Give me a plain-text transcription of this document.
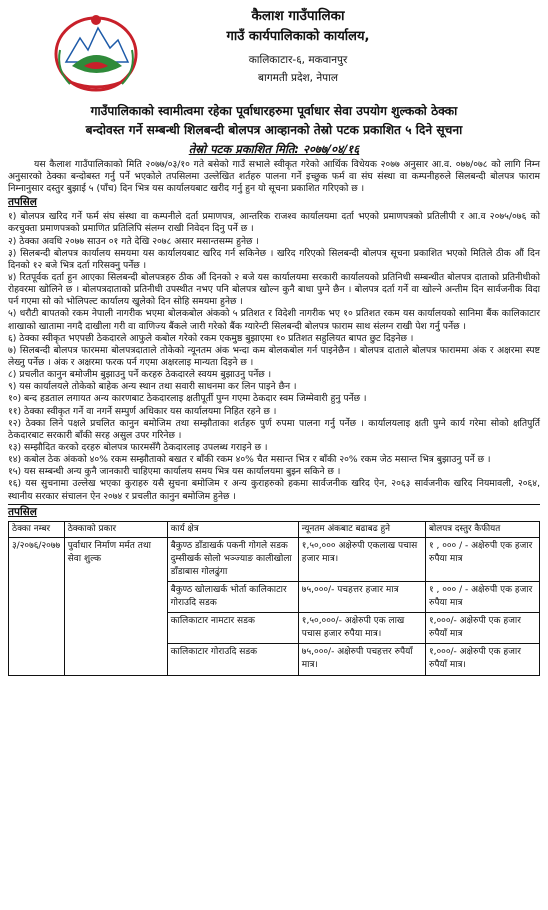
कैलाश गाउँपालिका
गाउँ कार्यपालिकाको कार्यालय,
कालिकाटार-६, मकवानपुर
बागमती प्रदेश, नेपाल
गाउँपालिकाको स्वामीत्वमा रहेका पूर्वाधारहरुमा पूर्वाधार सेवा उपयोग शुल्कको ठेक्का
बन्दोवस्त गर्ने सम्बन्धी शिलबन्दी बोलपत्र आव्हानको तेस्रो पटक प्रकाशित ५ दिने सूचना
तेस्रो पटक प्रकाशित मिति: २०७७/०४/१६

यस कैलाश गाउँपालिकाको मिति २०७७/०३/१० गते बसेको गाउँ सभाले स्वीकृत गरेको आर्थिक विधेयक २०७७ अनुसार आ.व. ०७७/०७८ को लागि निम्न अनुसारको ठेक्का बन्दोबस्त गर्नु पर्ने भएकोले तपसिलमा उल्लेखित शर्तहरु पालना गर्ने इच्छुक फर्म वा संघ संस्था वा कम्पनीहरुले सिलबन्दी बोलपत्र फाराम निम्नानुसार दस्तुर बुझाई ५ (पाँच) दिन भित्र यस कार्यालयबाट खरीद गर्नु हुन यो सूचना प्रकाशित गरिएको छ ।

तपसिल
१) बोलपत्र खरिद गर्ने फर्म संघ संस्था वा कम्पनीले दर्ता प्रमाणपत्र, आन्तरिक राजश्व कार्यालयमा दर्ता भएको प्रमाणपत्रको प्रतिलीपी र आ.व २०७५/०७६ को करचुक्ता प्रमाणपत्रको प्रमाणित प्रतिलिपि संलग्न राखी निवेदन दिनु पर्ने छ ।
२) ठेक्का अवधि २०७७ साउन ०१ गते देखि २०७८ असार मसान्तसम्म हुनेछ ।
३) सिलबन्दी बोलपत्र कार्यालय समयमा यस कार्यालयबाट खरिद गर्न सकिनेछ । खरिद गरिएको सिलबन्दी बोलपत्र सूचना प्रकाशित भएको मितिले ठीक औं दिन दिनको १२ बजे भित्र दर्ता गरिसक्नु पर्नेछ ।
४) रितपूर्वक दर्ता हुन आएका सिलबन्दी बोलपत्रहरु ठीक औं दिनको २ बजे यस कार्यालयमा सरकारी कार्यालयको प्रतिनिधी सम्बन्धीत बोलपत्र दाताको प्रतिनीधीको रोहवरमा खोलिने छ । बोलपत्रदाताको प्रतिनीधी उपस्थीत नभए पनि बोलपत्र खोल्न कुनै बाधा पुग्ने छैन । बोलपत्र दर्ता गर्ने वा खोल्ने अन्तीम दिन सार्वजनीक विदा पर्न गएमा सो को भोलिपल्ट कार्यालय खुलेको दिन सोहि समयमा हुनेछ ।
५) धरौटी बापतको रकम नेपाली नागरीक भएमा बोलकबोल अंकको ५ प्रतिशत र विदेशी नागरीक भए १० प्रतिशत रकम यस कार्यालयको सानिमा बैंक कालिकाटार शाखाको खातामा नगदै दाखीला गरी वा वाणिज्य बैंकले जारी गरेको बैंक ग्यारेन्टी सिलबन्दी बोलपत्र फाराम साथ संलग्न राखी पेश गर्नु पर्नेछ ।
६) ठेक्का स्वीकृत भएपछी ठेकदारले आफुले कबोल गरेको रकम एकमुष्ठ बुझाएमा १० प्रतिशत सहुलियत बापत छुट दिइनेछ ।
७) सिलबन्दी बोलपत्र फारममा बोलपत्रदाताले तोकेको न्यूनतम अंक भन्दा कम बोलकबोल गर्न पाइनेछैन । बोलपत्र दाताले बोलपत्र फाराममा अंक र अक्षरमा स्पष्ट लेख्नु पर्नेछ । अंक र अक्षरमा फरक पर्न गएमा अक्षरलाइ मान्यता दिइने छ ।
८) प्रचलीत कानुन बमोजीम बुझाउनु पर्ने करहरु ठेकदारले स्वयम बुझाउनु पर्नेछ ।
९) यस कार्यालयले तोकेको बाहेक अन्य स्थान तथा सवारी साधनमा कर लिन पाइने छैन ।
१०) बन्द हडताल लगायत अन्य कारणबाट ठेकदारलाइ क्षतीपूर्ती पुग्न गएमा ठेकदार स्वम जिम्मेवारी हुनु पर्नेछ ।
११) ठेक्का स्वीकृत गर्ने वा नगर्ने सम्पुर्ण अधिकार यस कार्यालयमा निहित रहने छ ।
१२) ठेक्का लिने पक्षले प्रचलित कानुन बमोजिम तथा सम्झौताका शर्तहरु पुर्ण रुपमा पालना गर्नु पर्नेछ । कार्यालयलाइ क्षती पुग्ने कार्य गरेमा सोको क्षतिपुर्ति ठेकदारबाट सरकारी बाँकी सरह असुल उपर गरिनेछ ।
१३) सम्झौदित करको दरहरु बोलपत्र फारमसँगै ठेकदारलाइ उपलब्ध गराइने छ ।
१४) कबोल ठेक अंकको ४०% रकम सम्झौताको बखत र बाँकी रकम ४०% चैत मसान्त भित्र र बाँकी २०% रकम जेठ मसान्त भित्र बुझाउनु पर्ने छ ।
१५) यस सम्बन्धी अन्य कुनै जानकारी चाहिएमा कार्यालय समय भित्र यस कार्यालयमा बुझ्न सकिने छ ।
१६) यस सुचनामा उल्लेख भएका कुराहरु यसै सुचना बमोजिम र अन्य कुराहरुको हकमा सार्वजनीक खरिद ऐन, २०६३ सार्वजनीक खरिद नियमावली, २०६४, स्थानीय सरकार संचालन ऐन २०७४ र प्रचलीत कानुन बमोजिम हुनेछ ।
तपसिल
ठेक्का नम्बर	ठेक्काको प्रकार	कार्य क्षेत्र	न्यूनतम अंकबाट बढाबढ हुने	बोलपत्र दस्तुर कैफीयत
३/२०७६/२०७७	पुर्वाधार निर्माण मर्मत तथा सेवा शुल्क	बैकुण्ठ डाँडाखर्क पकनी गोगले सडक दुम्सीखर्क सोलो भञ्ज्याङ कालीखोला डाँडाबास गोलढुंगा	१,५०,००० अक्षेरुपी एकलाख पचास हजार मात्र।	१ , ००० / - अक्षेरुपी एक हजार रुपैया मात्र
		बैकुण्ठ खोलाखर्क भोर्ता कालिकाटार गोराउदि सडक	७५,०००/- पचहत्तर हजार मात्र	१ , ००० / - अक्षेरुपी एक हजार रुपैया मात्र
		कालिकाटार नामटार सडक	१,५०,०००/- अक्षेरुपी एक लाख पचास हजार रुपैया मात्र।	१,०००/- अक्षेरुपी एक हजार रुपैयाँ मात्र
		कालिकाटार गोराउदि सडक	७५,०००/- अक्षेरुपी पचहत्तर रुपैयाँ मात्र।	१,०००/- अक्षेरुपी एक हजार रुपैयाँ मात्र।
